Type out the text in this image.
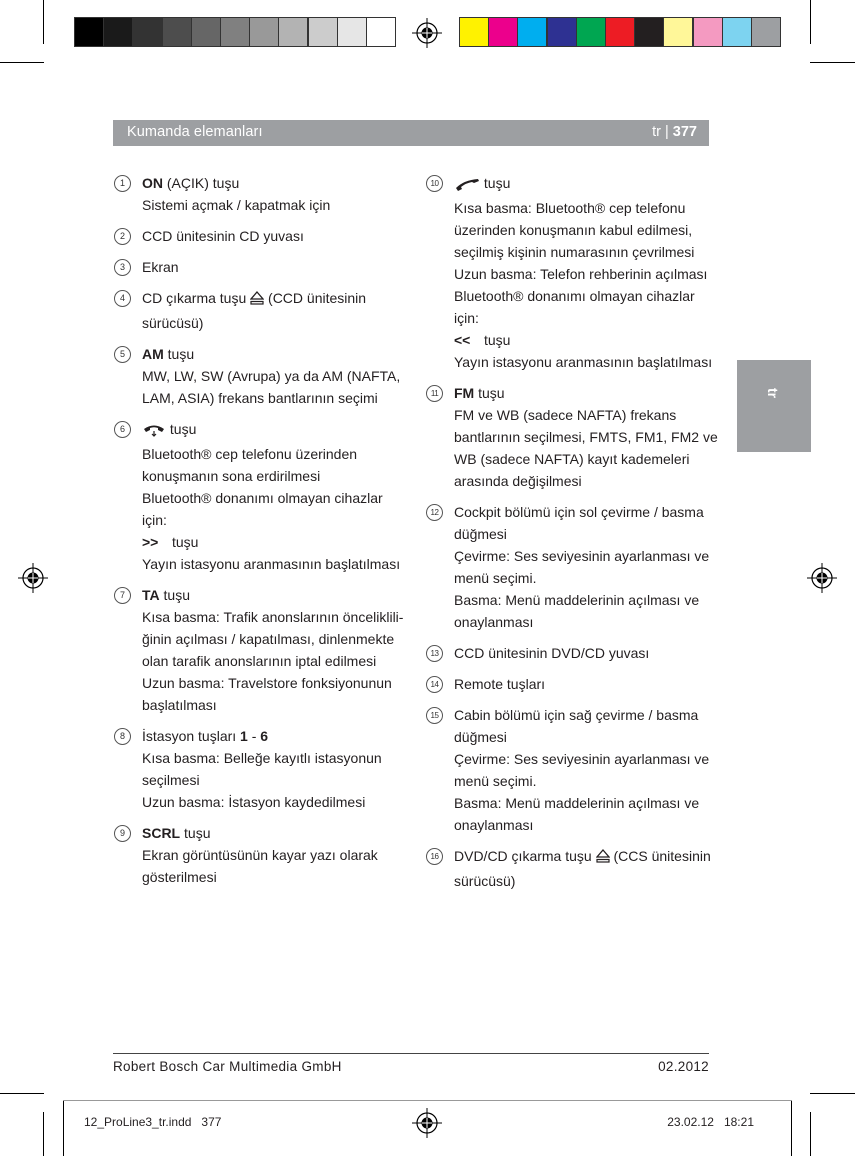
Kumanda elemanları	tr | 377
tr
1	ON (AÇIK) tuşu
Sistemi açmak / kapatmak için
2	CCD ünitesinin CD yuvası
3	Ekran
4	CD çıkarma tuşu  (CCD ünitesinin
sürücüsü)
5	AM tuşu
MW, LW, SW (Avrupa) ya da AM (NAFTA,
LAM, ASIA) frekans bantlarının seçimi
6	tuşu
Bluetooth® cep telefonu üzerinden
konuşmanın sona erdirilmesi
Bluetooth® donanımı olmayan cihazlar
için:
>> tuşu
Yayın istasyonu aranmasının başlatılması
7	TA tuşu
Kısa basma: Trafik anonslarının önceliklili-
ğinin açılması / kapatılması, dinlenmekte
olan tarafik anonslarının iptal edilmesi
Uzun basma: Travelstore fonksiyonunun
başlatılması
8	İstasyon tuşları 1 - 6
Kısa basma: Belleğe kayıtlı istasyonun
seçilmesi
Uzun basma: İstasyon kaydedilmesi
9	SCRL tuşu
Ekran görüntüsünün kayar yazı olarak
gösterilmesi
10	tuşu
Kısa basma: Bluetooth® cep telefonu
üzerinden konuşmanın kabul edilmesi,
seçilmiş kişinin numarasının çevrilmesi
Uzun basma: Telefon rehberinin açılması
Bluetooth® donanımı olmayan cihazlar
için:
<< tuşu
Yayın istasyonu aranmasının başlatılması
11	FM tuşu
FM ve WB (sadece NAFTA) frekans
bantlarının seçilmesi, FMTS, FM1, FM2 ve
WB (sadece NAFTA) kayıt kademeleri
arasında değişilmesi
12	Cockpit bölümü için sol çevirme / basma
düğmesi
Çevirme: Ses seviyesinin ayarlanması ve
menü seçimi.
Basma: Menü maddelerinin açılması ve
onaylanması
13	CCD ünitesinin DVD/CD yuvası
14	Remote tuşları
15	Cabin bölümü için sağ çevirme / basma
düğmesi
Çevirme: Ses seviyesinin ayarlanması ve
menü seçimi.
Basma: Menü maddelerinin açılması ve
onaylanması
16	DVD/CD çıkarma tuşu  (CCS ünitesinin
sürücüsü)
Robert Bosch Car Multimedia GmbH	02.2012
12_ProLine3_tr.indd   377	23.02.12   18:21
